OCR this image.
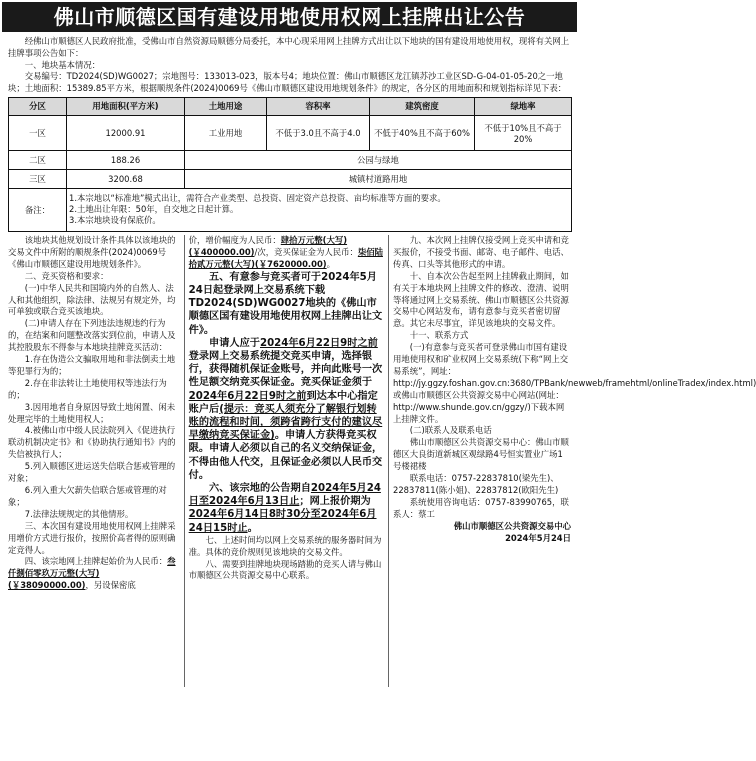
佛山市顺德区国有建设用地使用权网上挂牌出让公告

经佛山市顺德区人民政府批准，受佛山市自然资源局顺德分局委托，本中心现采用网上挂牌方式出让以下地块的国有建设用地使用权，现将有关网上挂牌事项公告如下：

一、地块基本情况：

交易编号：TD2024(SD)WG0027；宗地图号：133013-023，版本号4；地块位置：佛山市顺德区龙江镇苏沙工业区SD-G-04-01-05-20之一地块；土地面积：15389.85平方米，根据顺规条件(2024)0069号《佛山市顺德区建设用地规划条件》的规定，各分区的用地面积和规划指标详见下表：

分区	用地面积(平方米)	土地用途	容积率	建筑密度	绿地率
一区	12000.91	工业用地	不低于3.0且不高于4.0	不低于40%且不高于60%	不低于10%且不高于20%
二区	188.26	公园与绿地			
三区	3200.68	城镇村道路用地			
备注：	1.本宗地以“标准地”模式出让，需符合产业类型、总投资、固定资产总投资、亩均标准等方面的要求。
2.土地出让年限：50年，自交地之日起计算。
3.本宗地块设有保底价。				

该地块其他规划设计条件具体以该地块的交易文件中所附的顺规条件(2024)0069号《佛山市顺德区建设用地规划条件》。

二、竞买资格和要求：

(一)中华人民共和国境内外的自然人、法人和其他组织，除法律、法规另有规定外，均可单独或联合竞买该地块。

(二)申请人存在下列违法违规违约行为的，在结案和问题整改落实到位前，申请人及其控股股东不得参与本地块挂牌竞买活动：

1.存在伪造公文骗取用地和非法倒卖土地等犯罪行为的；

2.存在非法转让土地使用权等违法行为的；

3.因用地者自身原因导致土地闲置、闲未处理完毕的土地使用权人；

4.被佛山市中级人民法院列入《促进执行联动机制决定书》和《协助执行通知书》内的失信被执行人；

5.列入顺德区进运送失信联合惩戒管理的对象；

6.列入重大欠薪失信联合惩戒管理的对象；

7.法律法规规定的其他情形。

三、本次国有建设用地使用权网上挂牌采用增价方式进行报价，按照价高者得的原则确定竞得人。

四、该宗地网上挂牌起始价为人民币：叁仟捌佰零玖万元整(大写)(￥38090000.00)，另设保密底

价，增价幅度为人民币：肆拾万元整(大写)(￥400000.00)/次，竞买保证金为人民币：柒佰陆拾贰万元整(大写)(￥7620000.00)。

五、有意参与竞买者可于2024年5月24日起登录网上交易系统下载TD2024(SD)WG0027地块的《佛山市顺德区国有建设用地使用权网上挂牌出让文件》。

申请人应于2024年6月22日9时之前登录网上交易系统提交竞买申请，选择银行，获得随机保证金账号，并向此账号一次性足额交纳竞买保证金。竞买保证金须于2024年6月22日9时之前到达本中心指定账户后(提示：竞买人须充分了解银行划转账的流程和时间，须跨省跨行支付的建议尽早缴纳竞买保证金)。申请人方获得竞买权限。申请人必须以自己的名义交纳保证金，不得由他人代交，且保证金必须以人民币交付。

六、该宗地的公告期自2024年5月24日至2024年6月13日止；网上报价期为2024年6月14日8时30分至2024年6月24日15时止。

七、上述时间均以网上交易系统的服务器时间为准。具体的竞价规则见该地块的交易文件。

八、需要到挂牌地块现场踏勘的竞买人请与佛山市顺德区公共资源交易中心联系。

九、本次网上挂牌仅接受网上竞买申请和竞买报价，不接受书面、邮寄、电子邮件、电话、传真、口头等其他形式的申请。

十、自本次公告起至网上挂牌截止期间，如有关于本地块网上挂牌文件的修改、澄清、说明等将通过网上交易系统、佛山市顺德区公共资源交易中心网站发布，请有意参与竞买者密切留意。其它未尽事宜，详见该地块的交易文件。

十一、联系方式

(一)有意参与竞买者可登录佛山市国有建设用地使用权和矿业权网上交易系统(下称“网上交易系统”，网址：http://jy.ggzy.foshan.gov.cn:3680/TPBank/newweb/framehtml/onlineTradex/index.html)或佛山市顺德区公共资源交易中心网站(网址：http://www.shunde.gov.cn/ggzy/)下载本网上挂牌文件。

(二)联系人及联系电话

佛山市顺德区公共资源交易中心：佛山市顺德区大良街道新城区观绿路4号恒实置业广场1号楼裙楼

联系电话：0757-22837810(梁先生)、22837811(陈小姐)、22837812(欧阳先生)

系统使用咨询电话：0757-83990765，联系人：蔡工

佛山市顺德区公共资源交易中心

2024年5月24日
